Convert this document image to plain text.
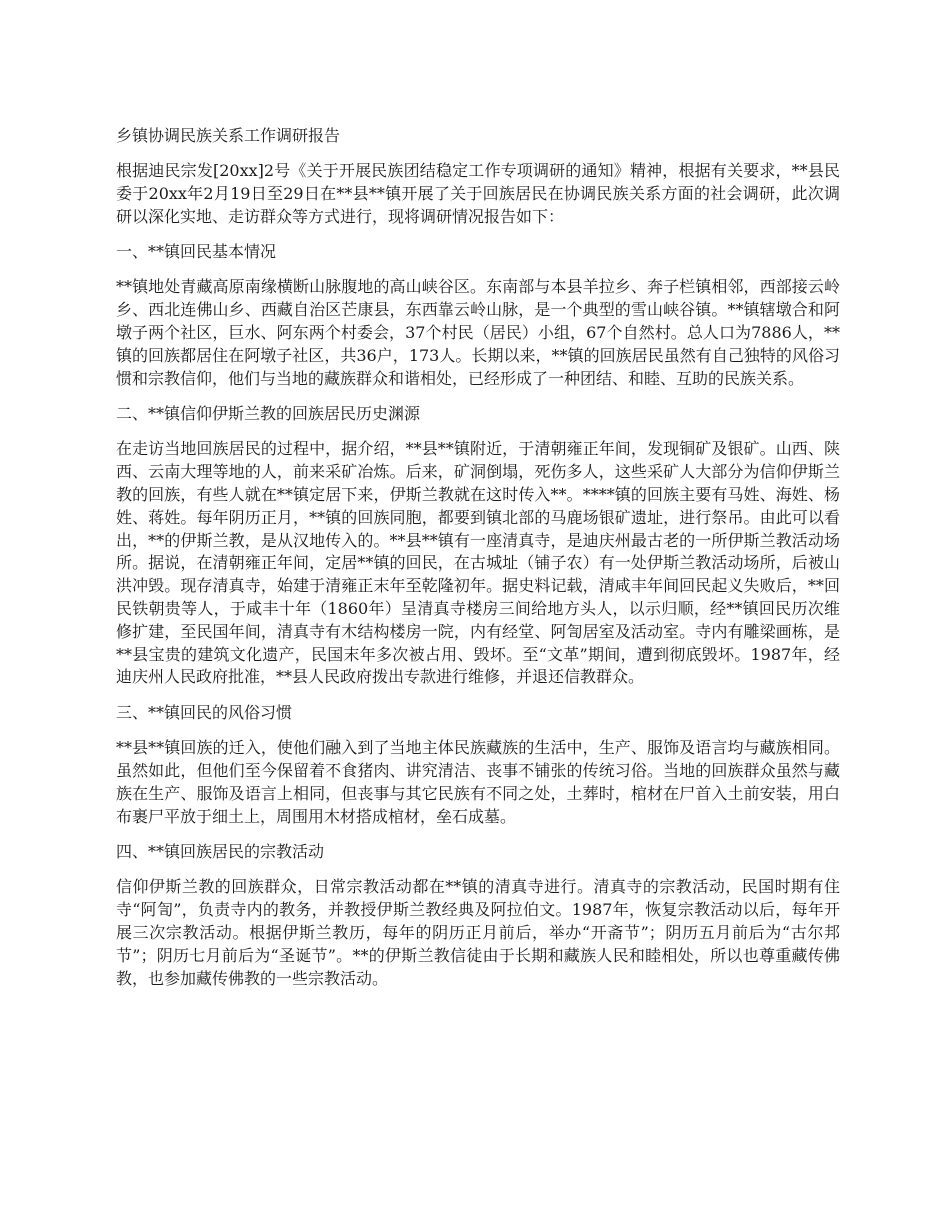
乡镇协调民族关系工作调研报告

根据迪民宗发[20xx]2号《关于开展民族团结稳定工作专项调研的通知》精神，根据有关要求，**县民委于20xx年2月19日至29日在**县**镇开展了关于回族居民在协调民族关系方面的社会调研，此次调研以深化实地、走访群众等方式进行，现将调研情况报告如下：

一、**镇回民基本情况

**镇地处青藏高原南缘横断山脉腹地的高山峡谷区。东南部与本县羊拉乡、奔子栏镇相邻，西部接云岭乡、西北连佛山乡、西藏自治区芒康县，东西靠云岭山脉，是一个典型的雪山峡谷镇。**镇辖墩合和阿墩子两个社区，巨水、阿东两个村委会，37个村民（居民）小组，67个自然村。总人口为7886人，**镇的回族都居住在阿墩子社区，共36户，173人。长期以来，**镇的回族居民虽然有自己独特的风俗习惯和宗教信仰，他们与当地的藏族群众和谐相处，已经形成了一种团结、和睦、互助的民族关系。

二、**镇信仰伊斯兰教的回族居民历史渊源

在走访当地回族居民的过程中，据介绍，**县**镇附近，于清朝雍正年间，发现铜矿及银矿。山西、陕西、云南大理等地的人，前来采矿冶炼。后来，矿洞倒塌，死伤多人，这些采矿人大部分为信仰伊斯兰教的回族，有些人就在**镇定居下来，伊斯兰教就在这时传入**。****镇的回族主要有马姓、海姓、杨姓、蒋姓。每年阴历正月，**镇的回族同胞，都要到镇北部的马鹿场银矿遗址，进行祭吊。由此可以看出，**的伊斯兰教，是从汉地传入的。**县**镇有一座清真寺，是迪庆州最古老的一所伊斯兰教活动场所。据说，在清朝雍正年间，定居**镇的回民，在古城址（铺子农）有一处伊斯兰教活动场所，后被山洪冲毁。现存清真寺，始建于清雍正末年至乾隆初年。据史料记载，清咸丰年间回民起义失败后，**回民铁朝贵等人，于咸丰十年（1860年）呈清真寺楼房三间给地方头人，以示归顺，经**镇回民历次维修扩建，至民国年间，清真寺有木结构楼房一院，内有经堂、阿訇居室及活动室。寺内有雕梁画栋，是**县宝贵的建筑文化遗产，民国末年多次被占用、毁坏。至“文革”期间，遭到彻底毁坏。1987年，经迪庆州人民政府批准，**县人民政府拨出专款进行维修，并退还信教群众。

三、**镇回民的风俗习惯

**县**镇回族的迁入，使他们融入到了当地主体民族藏族的生活中，生产、服饰及语言均与藏族相同。虽然如此，但他们至今保留着不食猪肉、讲究清洁、丧事不铺张的传统习俗。当地的回族群众虽然与藏族在生产、服饰及语言上相同，但丧事与其它民族有不同之处，土葬时，棺材在尸首入土前安装，用白布裹尸平放于细土上，周围用木材搭成棺材，垒石成墓。

四、**镇回族居民的宗教活动

信仰伊斯兰教的回族群众，日常宗教活动都在**镇的清真寺进行。清真寺的宗教活动，民国时期有住寺“阿訇”，负责寺内的教务，并教授伊斯兰教经典及阿拉伯文。1987年，恢复宗教活动以后，每年开展三次宗教活动。根据伊斯兰教历，每年的阴历正月前后，举办“开斋节”；阴历五月前后为“古尔邦节”；阴历七月前后为“圣诞节”。**的伊斯兰教信徒由于长期和藏族人民和睦相处，所以也尊重藏传佛教，也参加藏传佛教的一些宗教活动。
